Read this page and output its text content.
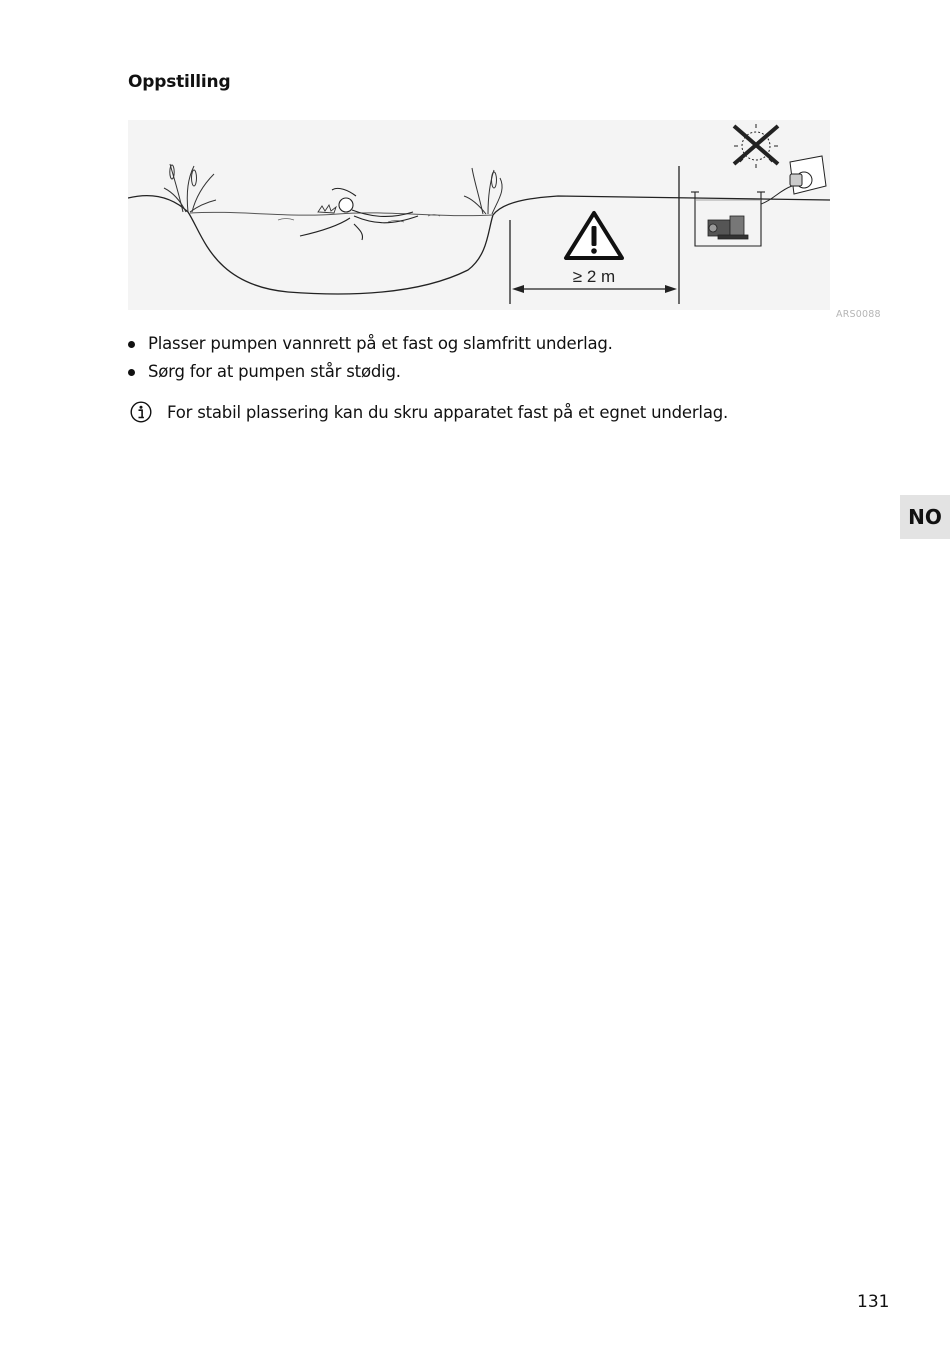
Oppstilling
≥ 2 m
ARS0088
Plasser pumpen vannrett på et fast og slamfritt underlag.
Sørg for at pumpen står stødig.
For stabil plassering kan du skru apparatet fast på et egnet underlag.
NO
131
